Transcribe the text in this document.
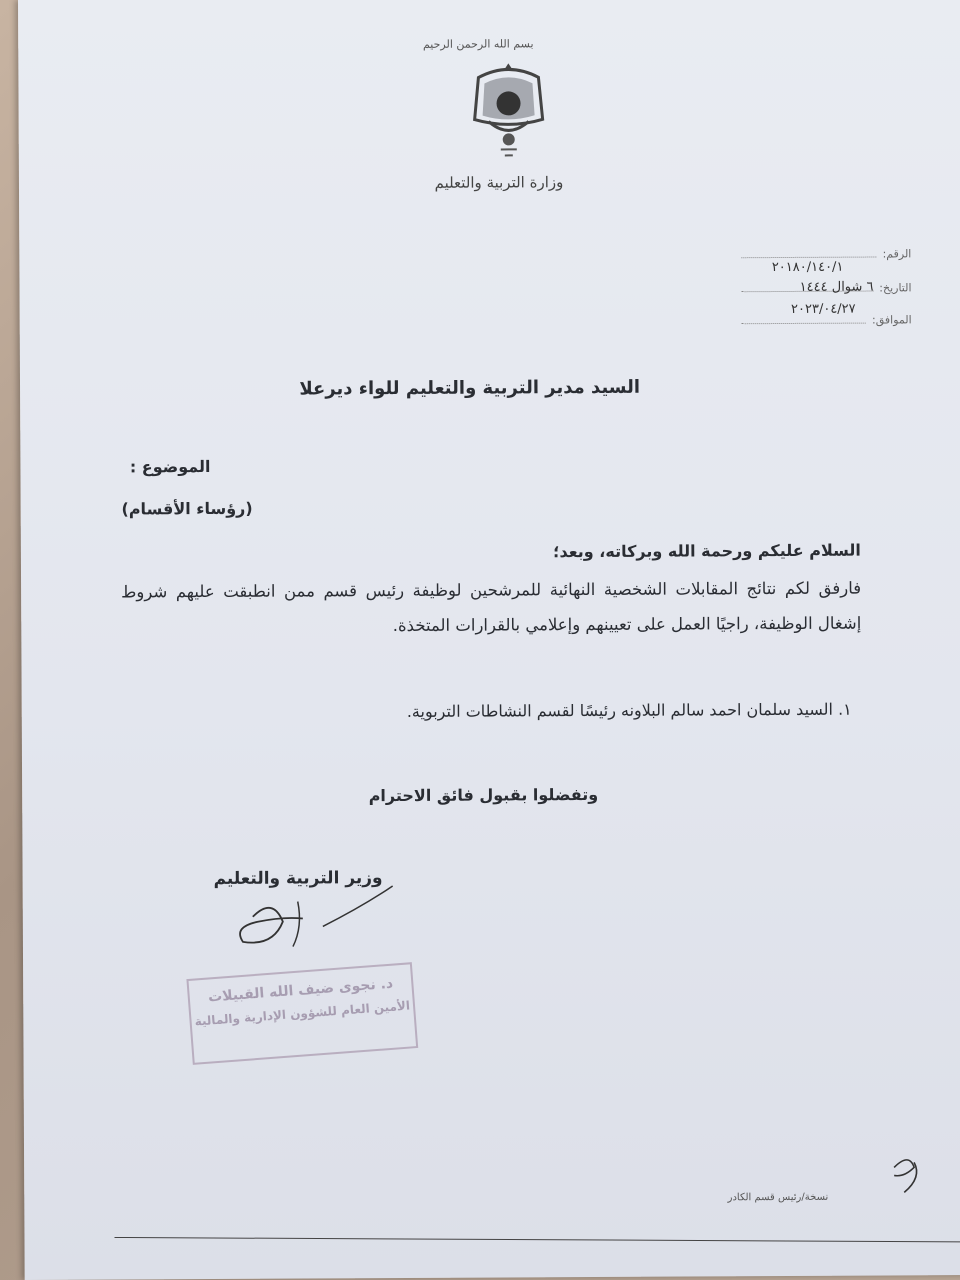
بسم الله الرحمن الرحيم
وزارة التربية والتعليم
الرقم:
٢٠١٨٠/١٤٠/١
التاريخ:
٦ شوال ١٤٤٤
الموافق:
٢٠٢٣/٠٤/٢٧
السيد مدير التربية والتعليم للواء ديرعلا
الموضوع :
(رؤساء الأقسام)
السلام عليكم ورحمة الله وبركاته، وبعد؛
فارفق لكم نتائج المقابلات الشخصية النهائية للمرشحين لوظيفة رئيس قسم ممن انطبقت عليهم شروط إشغال الوظيفة، راجيًا العمل على تعيينهم وإعلامي بالقرارات المتخذة.
١. السيد سلمان احمد سالم البلاونه رئيسًا لقسم النشاطات التربوية.
وتفضلوا بقبول فائق الاحترام
وزير التربية والتعليم
د. نجوى ضيف الله القبيلات
الأمين العام للشؤون الإدارية والمالية
نسخة/رئيس قسم الكادر
